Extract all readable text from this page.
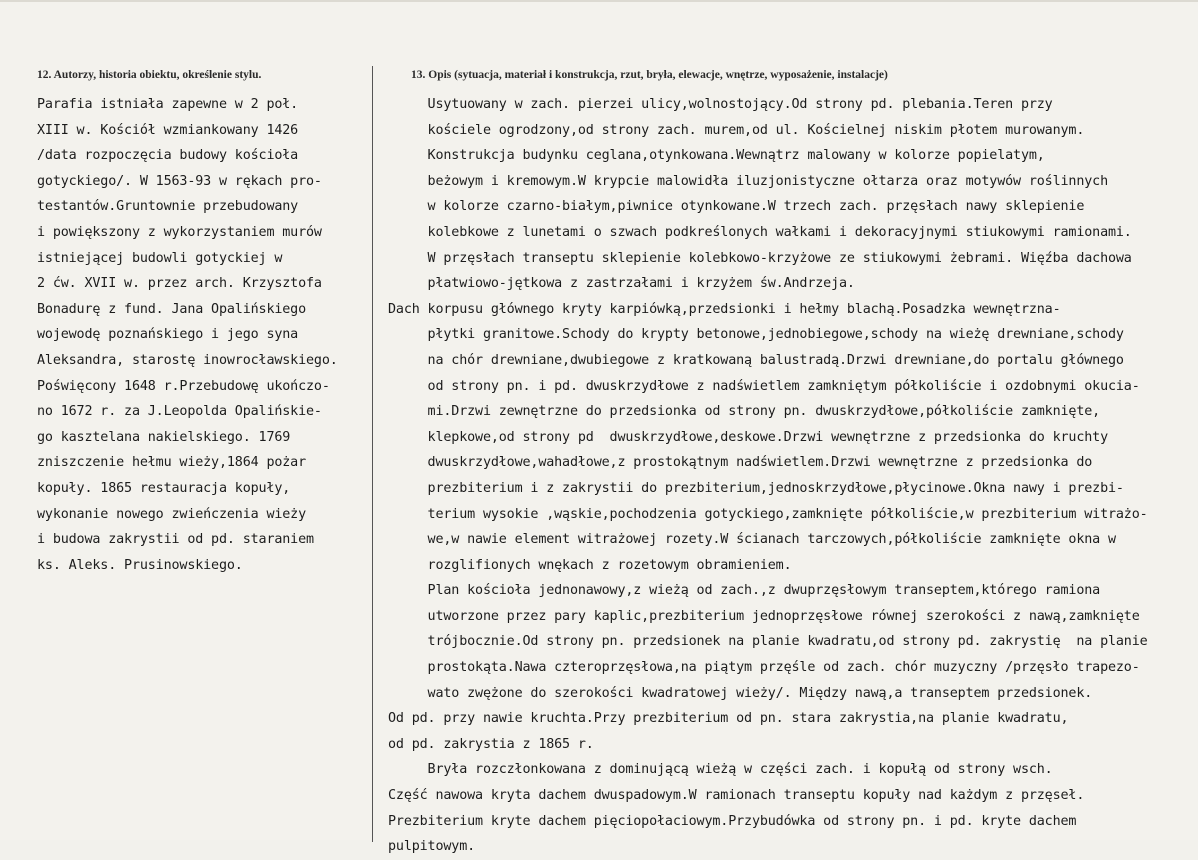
12. Autorzy, historia obiektu, określenie stylu.	13. Opis (sytuacja, materiał i konstrukcja, rzut, bryła, elewacje, wnętrze, wyposażenie, instalacje)
Parafia istniała zapewne w 2 poł.
XIII w. Kościół wzmiankowany 1426
/data rozpoczęcia budowy kościoła
gotyckiego/. W 1563-93 w rękach pro-
testantów.Gruntownie przebudowany
i powiększony z wykorzystaniem murów
istniejącej budowli gotyckiej w
2 ćw. XVII w. przez arch. Krzysztofa
Bonadurę z fund. Jana Opalińskiego
wojewodę poznańskiego i jego syna
Aleksandra, starostę inowrocławskiego.
Poświęcony 1648 r.Przebudowę ukończo-
no 1672 r. za J.Leopolda Opalińskie-
go kasztelana nakielskiego. 1769
zniszczenie hełmu wieży,1864 pożar
kopuły. 1865 restauracja kopuły,
wykonanie nowego zwieńczenia wieży
i budowa zakrystii od pd. staraniem
ks. Aleks. Prusinowskiego.
Usytuowany w zach. pierzei ulicy,wolnostojący.Od strony pd. plebania.Teren przy
kościele ogrodzony,od strony zach. murem,od ul. Kościelnej niskim płotem murowanym.
Konstrukcja budynku ceglana,otynkowana.Wewnątrz malowany w kolorze popielatym,
beżowym i kremowym.W krypcie malowidła iluzjonistyczne ołtarza oraz motywów roślinnych
w kolorze czarno-białym,piwnice otynkowane.W trzech zach. przęsłach nawy sklepienie
kolebkowe z lunetami o szwach podkreślonych wałkami i dekoracyjnymi stiukowymi ramionami.
W przęsłach transeptu sklepienie kolebkowo-krzyżowe ze stiukowymi żebrami. Więźba dachowa
płatwiowo-jętkowa z zastrzałami i krzyżem św.Andrzeja.
Dach korpusu głównego kryty karpiówką,przedsionki i hełmy blachą.Posadzka wewnętrzna-
płytki granitowe.Schody do krypty betonowe,jednobiegowe,schody na wieżę drewniane,schody
na chór drewniane,dwubiegowe z kratkowaną balustradą.Drzwi drewniane,do portalu głównego
od strony pn. i pd. dwuskrzydłowe z nadświetlem zamkniętym półkoliście i ozdobnymi okucia-
mi.Drzwi zewnętrzne do przedsionka od strony pn. dwuskrzydłowe,półkoliście zamknięte,
klepkowe,od strony pd  dwuskrzydłowe,deskowe.Drzwi wewnętrzne z przedsionka do kruchty
dwuskrzydłowe,wahadłowe,z prostokątnym nadświetlem.Drzwi wewnętrzne z przedsionka do
prezbiterium i z zakrystii do prezbiterium,jednoskrzydłowe,płycinowe.Okna nawy i prezbi-
terium wysokie ,wąskie,pochodzenia gotyckiego,zamknięte półkoliście,w prezbiterium witrażo-
we,w nawie element witrażowej rozety.W ścianach tarczowych,półkoliście zamknięte okna w
rozglifionych wnękach z rozetowym obramieniem.
Plan kościoła jednonawowy,z wieżą od zach.,z dwuprzęsłowym transeptem,którego ramiona
utworzone przez pary kaplic,prezbiterium jednoprzęsłowe równej szerokości z nawą,zamknięte
trójbocznie.Od strony pn. przedsionek na planie kwadratu,od strony pd. zakrystię  na planie
prostokąta.Nawa czteroprzęsłowa,na piątym przęśle od zach. chór muzyczny /przęsło trapezo-
wato zwężone do szerokości kwadratowej wieży/. Między nawą,a transeptem przedsionek.
Od pd. przy nawie kruchta.Przy prezbiterium od pn. stara zakrystia,na planie kwadratu,
od pd. zakrystia z 1865 r.
Bryła rozczłonkowana z dominującą wieżą w części zach. i kopułą od strony wsch.
Część nawowa kryta dachem dwuspadowym.W ramionach transeptu kopuły nad każdym z przęseł.
Prezbiterium kryte dachem pięciopołaciowym.Przybudówka od strony pn. i pd. kryte dachem
pulpitowym.
